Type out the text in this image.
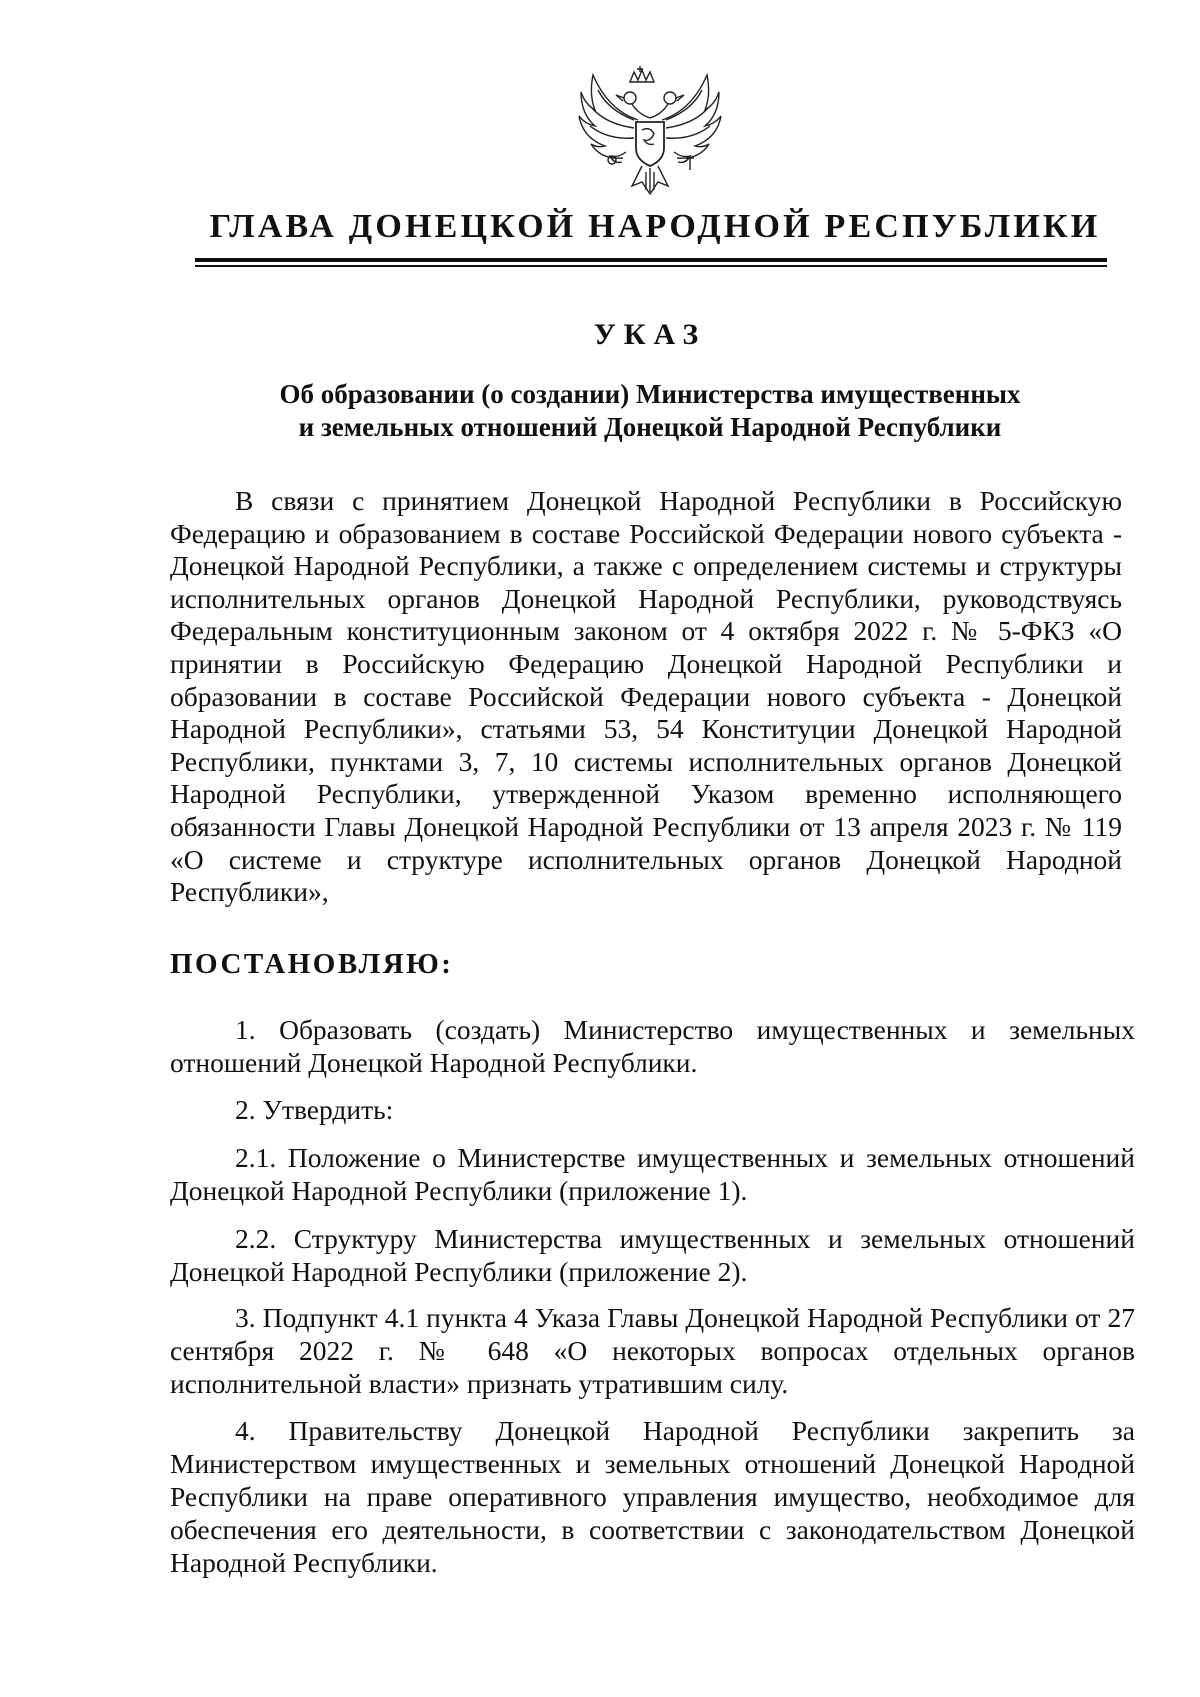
ГЛАВА ДОНЕЦКОЙ НАРОДНОЙ РЕСПУБЛИКИ
УКАЗ
Об образовании (о создании) Министерства имущественных
и земельных отношений Донецкой Народной Республики

В связи с принятием Донецкой Народной Республики в Российскую Федерацию и образованием в составе Российской Федерации нового субъекта - Донецкой Народной Республики, а также с определением системы и структуры исполнительных органов Донецкой Народной Республики, руководствуясь Федеральным конституционным законом от 4 октября 2022 г. № 5-ФКЗ «О принятии в Российскую Федерацию Донецкой Народной Республики и образовании в составе Российской Федерации нового субъекта - Донецкой Народной Республики», статьями 53, 54 Конституции Донецкой Народной Республики, пунктами 3, 7, 10 системы исполнительных органов Донецкой Народной Республики, утвержденной Указом временно исполняющего обязанности Главы Донецкой Народной Республики от 13 апреля 2023 г. № 119 «О системе и структуре исполнительных органов Донецкой Народной Республики»,

ПОСТАНОВЛЯЮ:

1. Образовать (создать) Министерство имущественных и земельных отношений Донецкой Народной Республики.

2. Утвердить:

2.1. Положение о Министерстве имущественных и земельных отношений Донецкой Народной Республики (приложение 1).

2.2. Структуру Министерства имущественных и земельных отношений Донецкой Народной Республики (приложение 2).

3. Подпункт 4.1 пункта 4 Указа Главы Донецкой Народной Республики от 27 сентября 2022 г. № 648 «О некоторых вопросах отдельных органов исполнительной власти» признать утратившим силу.

4. Правительству Донецкой Народной Республики закрепить за Министерством имущественных и земельных отношений Донецкой Народной Республики на праве оперативного управления имущество, необходимое для обеспечения его деятельности, в соответствии с законодательством Донецкой Народной Республики.
